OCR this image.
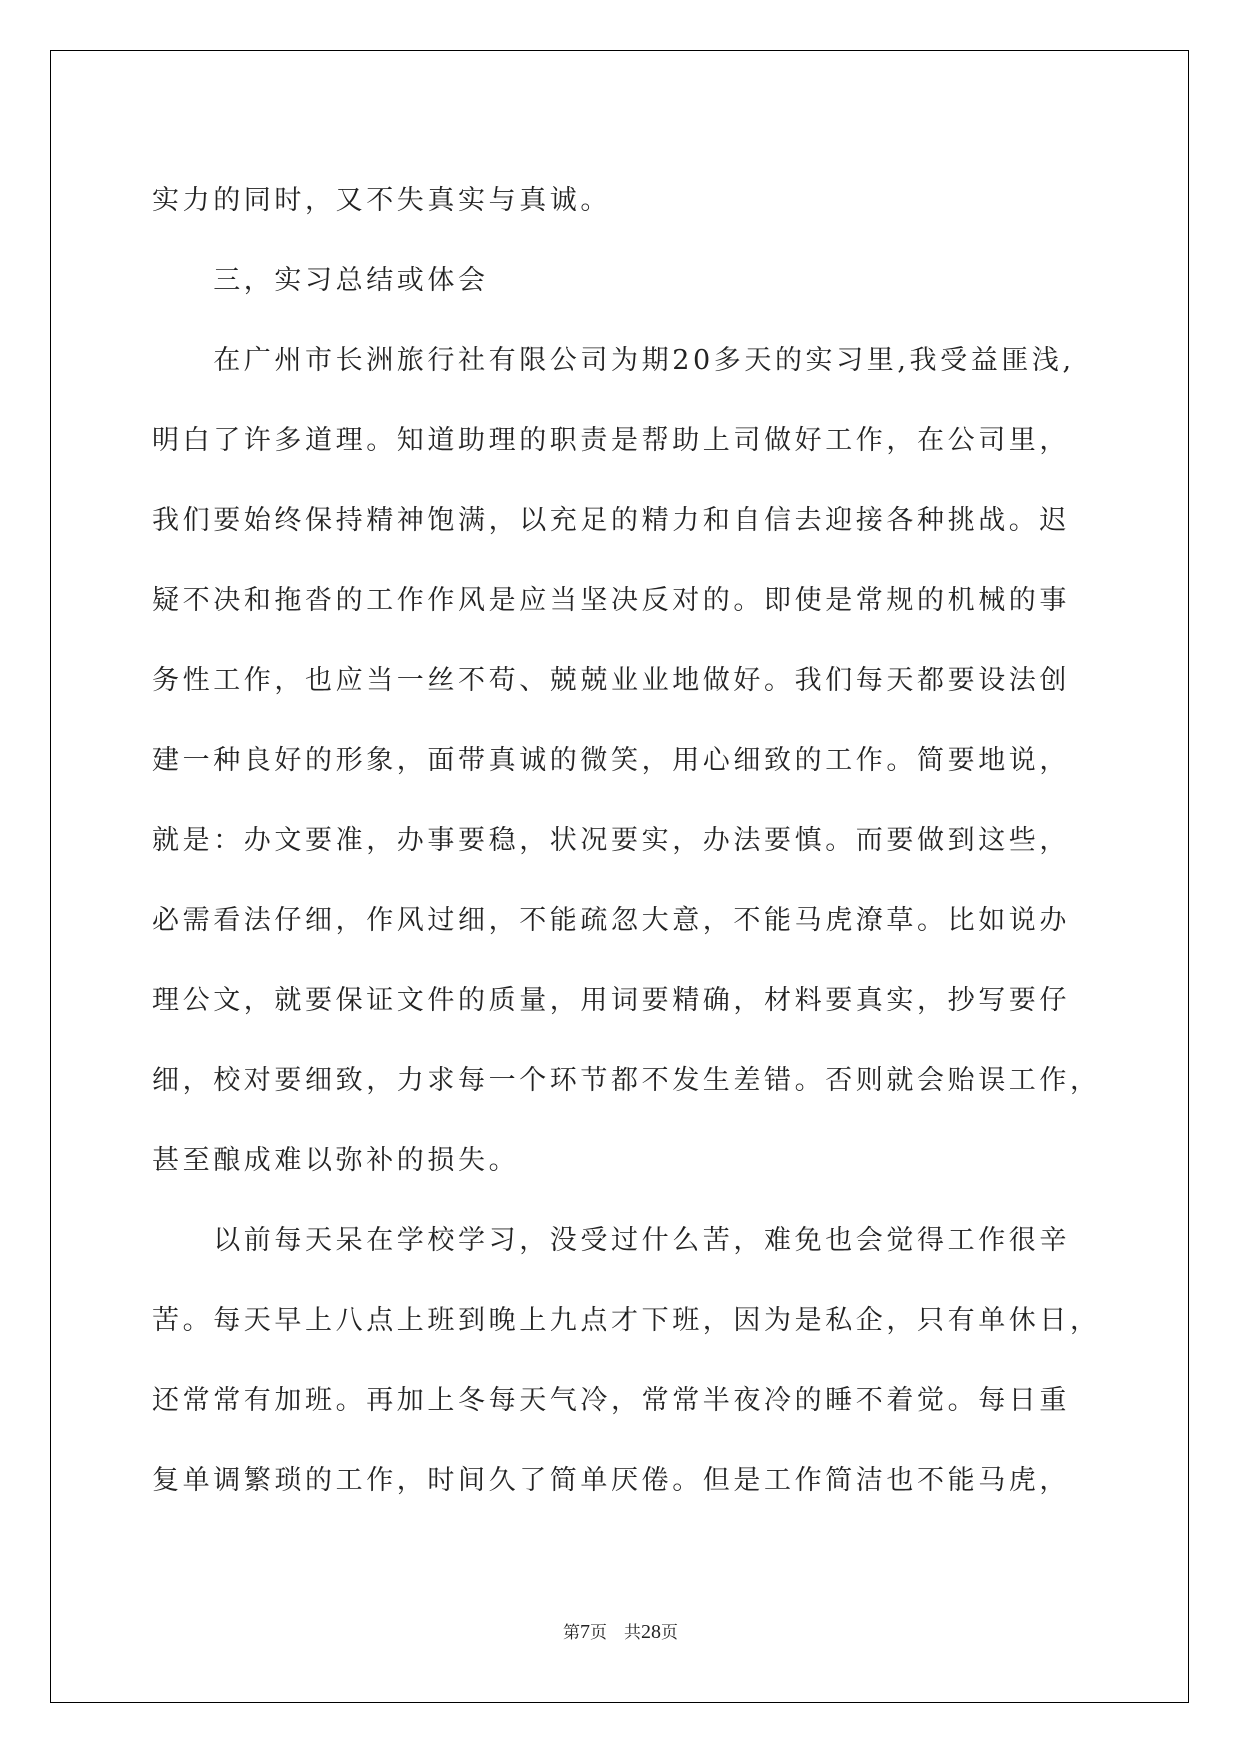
实力的同时，又不失真实与真诚。
　　三，实习总结或体会
　　在广州市长洲旅行社有限公司为期20多天的实习里,我受益匪浅,
明白了许多道理。知道助理的职责是帮助上司做好工作，在公司里，
我们要始终保持精神饱满，以充足的精力和自信去迎接各种挑战。迟
疑不决和拖沓的工作作风是应当坚决反对的。即使是常规的机械的事
务性工作，也应当一丝不苟、兢兢业业地做好。我们每天都要设法创
建一种良好的形象，面带真诚的微笑，用心细致的工作。简要地说，
就是：办文要准，办事要稳，状况要实，办法要慎。而要做到这些，
必需看法仔细，作风过细，不能疏忽大意，不能马虎潦草。比如说办
理公文，就要保证文件的质量，用词要精确，材料要真实，抄写要仔
细，校对要细致，力求每一个环节都不发生差错。否则就会贻误工作，
甚至酿成难以弥补的损失。
　　以前每天呆在学校学习，没受过什么苦，难免也会觉得工作很辛
苦。每天早上八点上班到晚上九点才下班，因为是私企，只有单休日，
还常常有加班。再加上冬每天气冷，常常半夜冷的睡不着觉。每日重
复单调繁琐的工作，时间久了简单厌倦。但是工作简洁也不能马虎，
第7页　共28页
